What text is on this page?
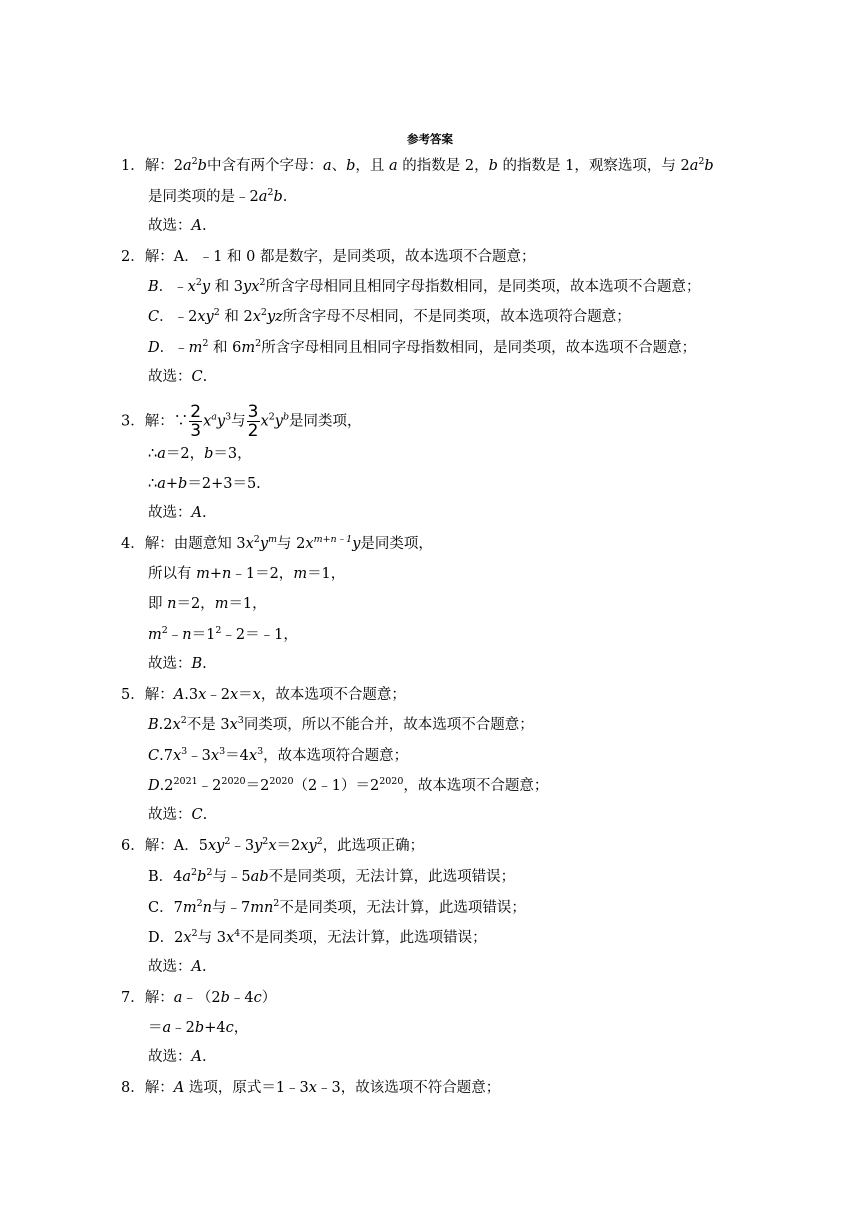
参考答案
1．解：$2a^2b$中含有两个字母：a、b，且 a 的指数是 2，b 的指数是 1，观察选项，与 $2a^2b$
是同类项的是$﹣2a^2b$.
故选：A.
2．解：A．﹣1 和 0 都是数字，是同类项，故本选项不合题意；
B．$﹣x^2y$ 和 $3yx^2$所含字母相同且相同字母指数相同，是同类项，故本选项不合题意；
C．$﹣2xy^2$ 和 $2x^2yz$所含字母不尽相同，不是同类项，故本选项符合题意；
D．$﹣m^2$ 和 $6m^2$所含字母相同且相同字母指数相同，是同类项，故本选项不合题意；
故选：C.
3．解：∵ $\frac{2}{3} x^ay^3$与 $\frac{3}{2} x^2y^b$是同类项，
∴a＝2，b＝3，
∴a+b＝2+3＝5.
故选：A.
4．解：由题意知 $3x^2y^m$与 $2x^{m+n﹣1}y$是同类项，
所以有 m+n﹣1＝2，m＝1，
即 n＝2，m＝1，
$m^2﹣n=1^2﹣2=﹣1$，
故选：B.
5．解：A.3x﹣2x＝x，故本选项不合题意；
$B.2x^2$不是 $3x^3$同类项，所以不能合并，故本选项不合题意；
$C.7x^3﹣3x^3=4x^3$，故本选项符合题意；
$D.2^{2021}﹣2^{2020}=2^{2020}(2﹣1)=2^{2020}$，故本选项不合题意；
故选：C.
6．解：A．$5xy^2﹣3y^2x=2xy^2$，此选项正确；
B．$4a^2b^2$与﹣5ab不是同类项，无法计算，此选项错误；
C．$7m^2n$与$﹣7mn^2$不是同类项，无法计算，此选项错误；
D．$2x^2$与 $3x^4$不是同类项，无法计算，此选项错误；
故选：A.
7．解：a﹣（2b﹣4c）
＝a﹣2b+4c，
故选：A.
8．解：A 选项，原式＝1﹣3x﹣3，故该选项不符合题意；
